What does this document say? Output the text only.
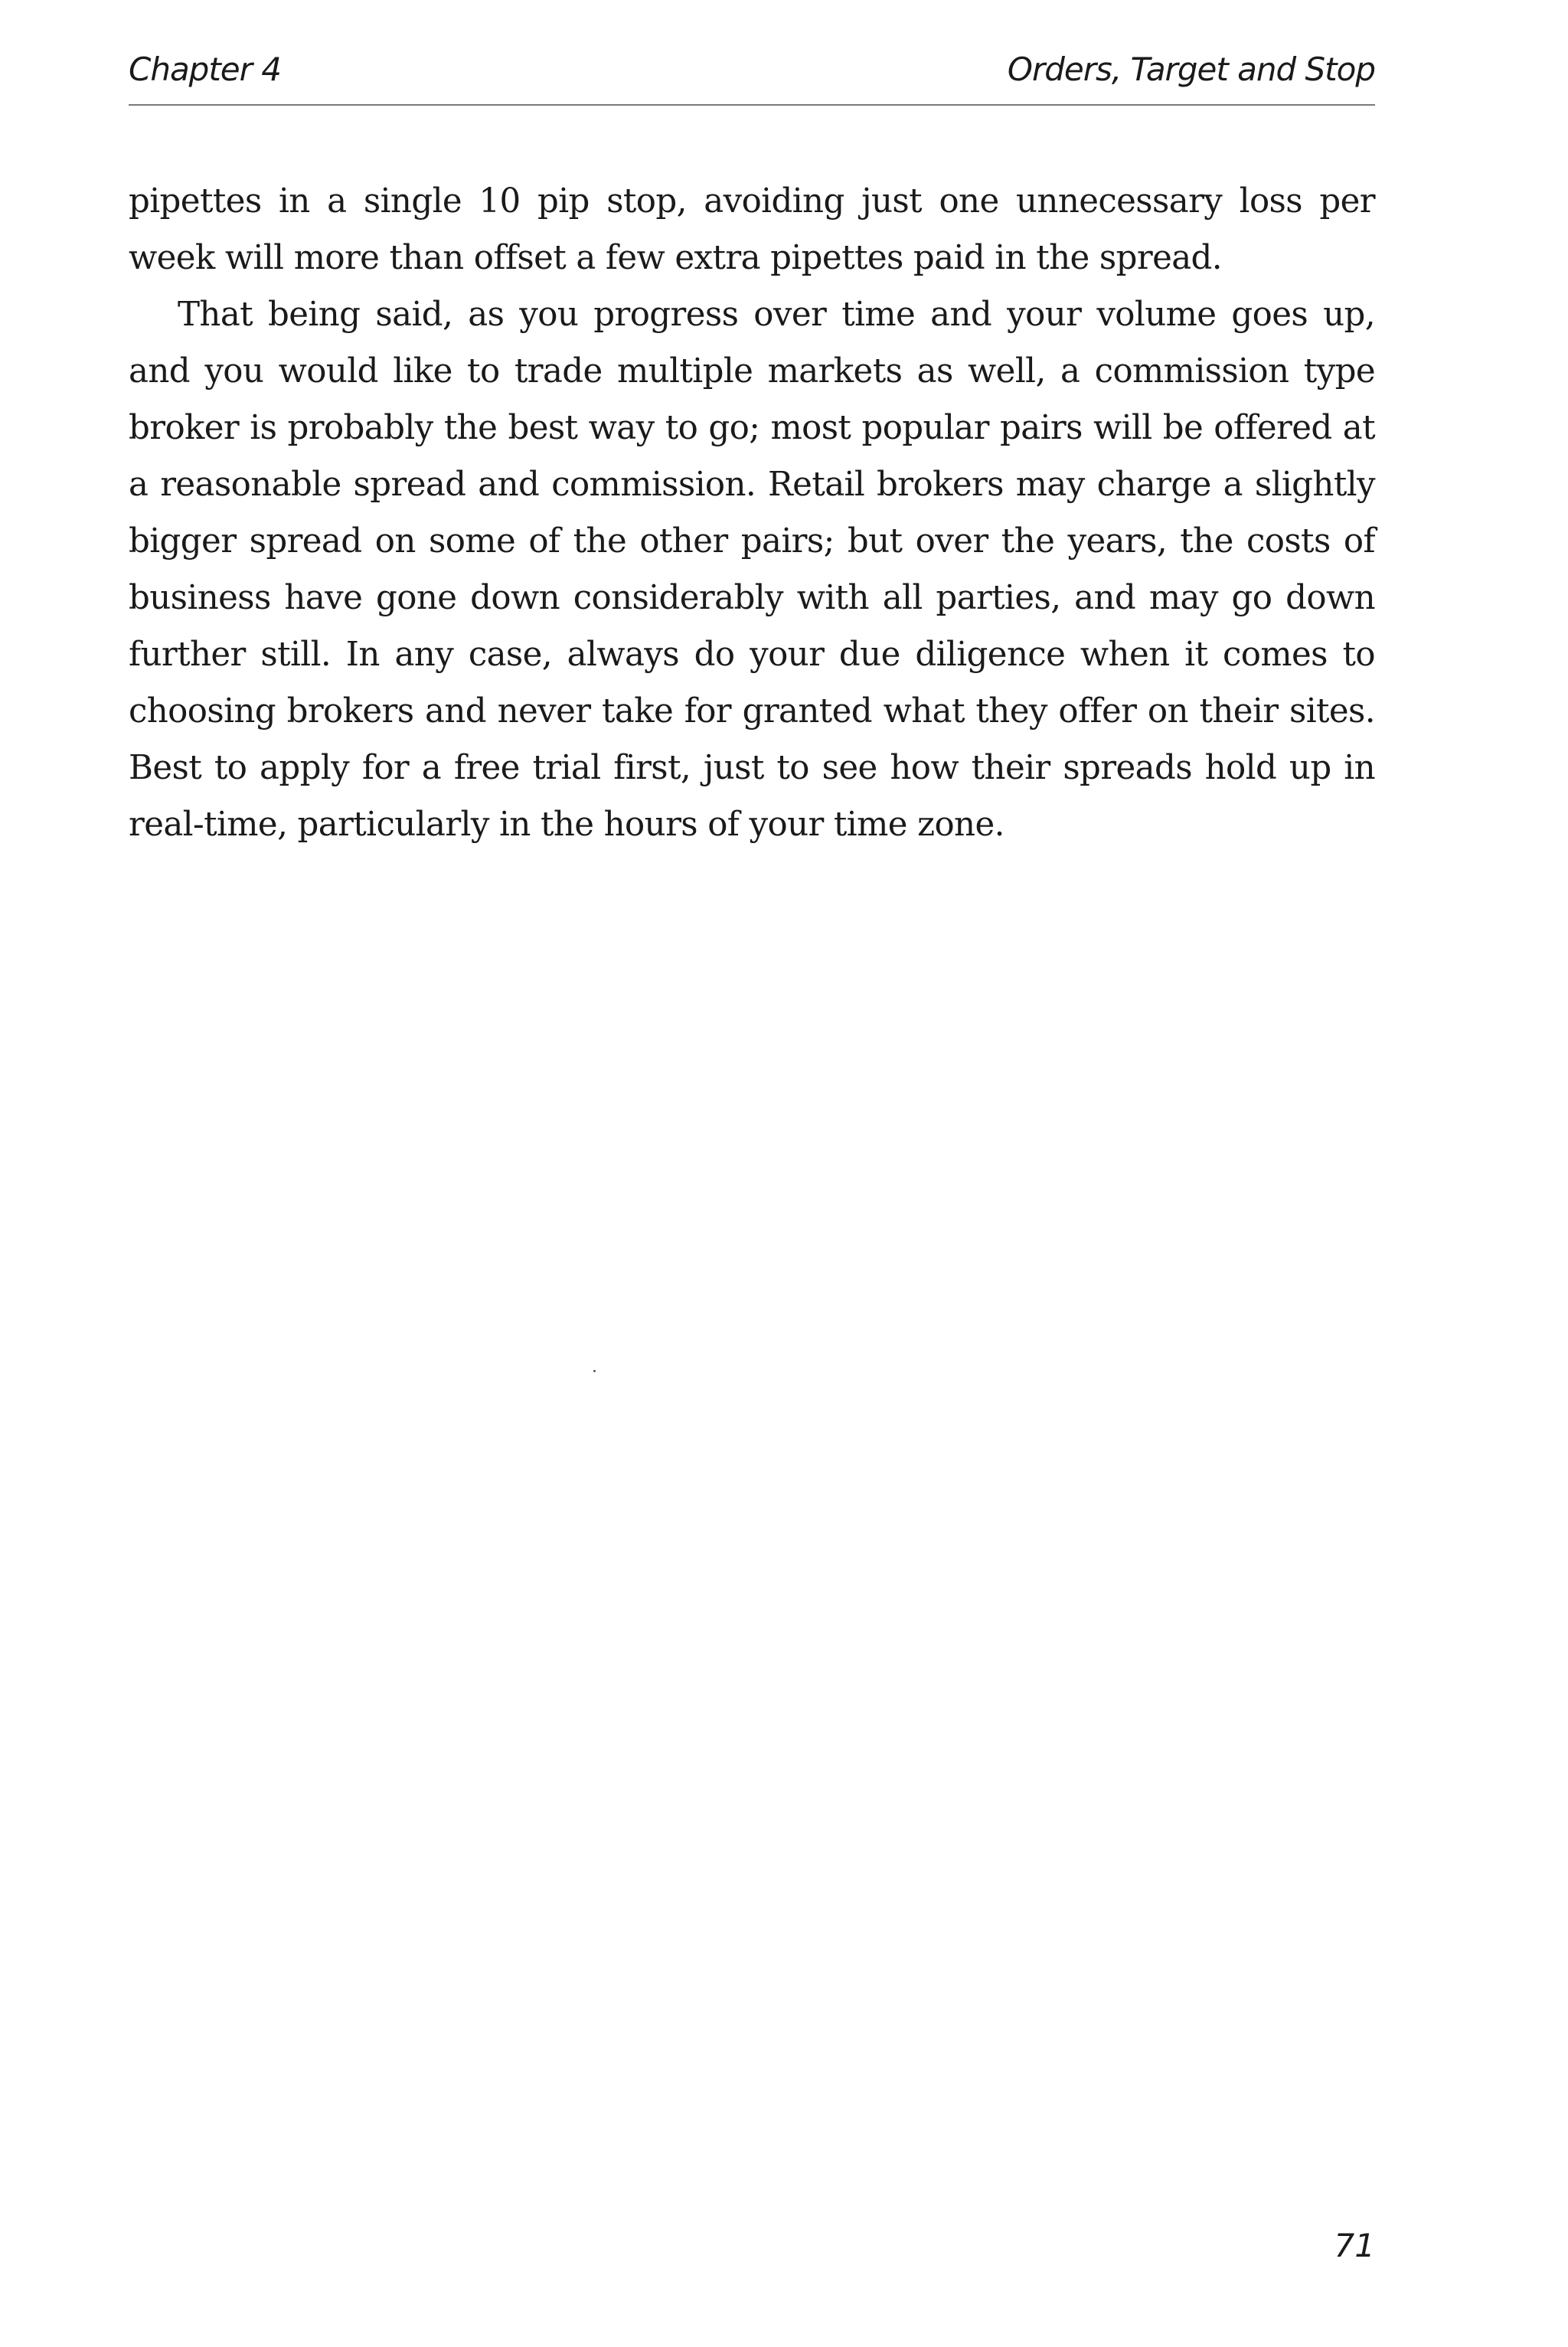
Chapter 4	Orders, Target and Stop

pipettes in a single 10 pip stop, avoiding just one unnecessary loss per week will more than offset a few extra pipettes paid in the spread.

That being said, as you progress over time and your volume goes up, and you would like to trade multiple markets as well, a commission type broker is probably the best way to go; most popular pairs will be offered at a reasonable spread and commission. Retail brokers may charge a slightly bigger spread on some of the other pairs; but over the years, the costs of business have gone down considerably with all parties, and may go down further still. In any case, always do your due diligence when it comes to choosing brokers and never take for granted what they offer on their sites. Best to apply for a free trial first, just to see how their spreads hold up in real-time, particularly in the hours of your time zone.

71
